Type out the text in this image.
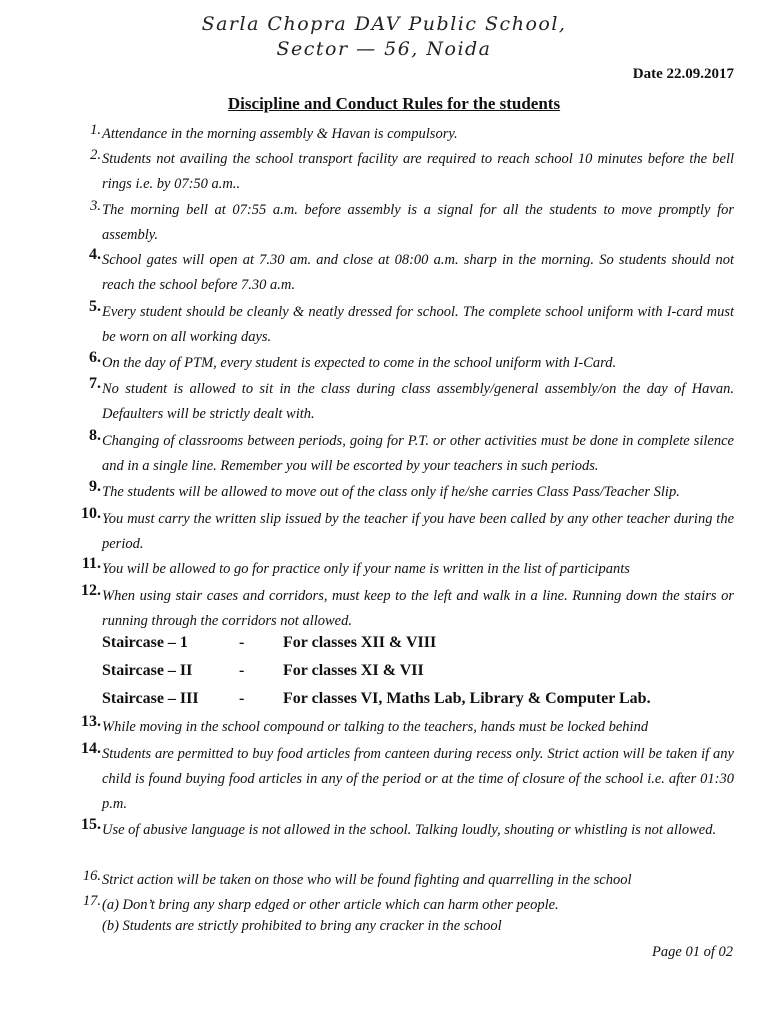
Sarla Chopra DAV Public School,
Sector — 56, Noida
Date 22.09.2017
Discipline and Conduct Rules for the students
1. Attendance in the morning assembly & Havan is compulsory.
2. Students not availing the school transport facility are required to reach school 10 minutes before the bell rings i.e. by 07:50 a.m..
3. The morning bell at 07:55 a.m. before assembly is a signal for all the students to move promptly for assembly.
4. School gates will open at 7.30 am. and close at 08:00 a.m. sharp in the morning. So students should not reach the school before 7.30 a.m.
5. Every student should be cleanly & neatly dressed for school. The complete school uniform with I-card must be worn on all working days.
6. On the day of PTM, every student is expected to come in the school uniform with I-Card.
7. No student is allowed to sit in the class during class assembly/general assembly/on the day of Havan. Defaulters will be strictly dealt with.
8. Changing of classrooms between periods, going for P.T. or other activities must be done in complete silence and in a single line. Remember you will be escorted by your teachers in such periods.
9. The students will be allowed to move out of the class only if he/she carries Class Pass/Teacher Slip.
10. You must carry the written slip issued by the teacher if you have been called by any other teacher during the period.
11. You will be allowed to go for practice only if your name is written in the list of participants
12. When using stair cases and corridors, must keep to the left and walk in a line. Running down the stairs or running through the corridors not allowed.
Staircase – 1	- For classes XII & VIII
Staircase – II	- For classes XI & VII
Staircase – III	- For classes VI, Maths Lab, Library & Computer Lab.
13. While moving in the school compound or talking to the teachers, hands must be locked behind
14. Students are permitted to buy food articles from canteen during recess only. Strict action will be taken if any child is found buying food articles in any of the period or at the time of closure of the school i.e. after 01:30 p.m.
15. Use of abusive language is not allowed in the school. Talking loudly, shouting or whistling is not allowed.
16. Strict action will be taken on those who will be found fighting and quarrelling in the school
17. (a) Don’t bring any sharp edged or other article which can harm other people.
(b) Students are strictly prohibited to bring any cracker in the school
Page 01 of 02
